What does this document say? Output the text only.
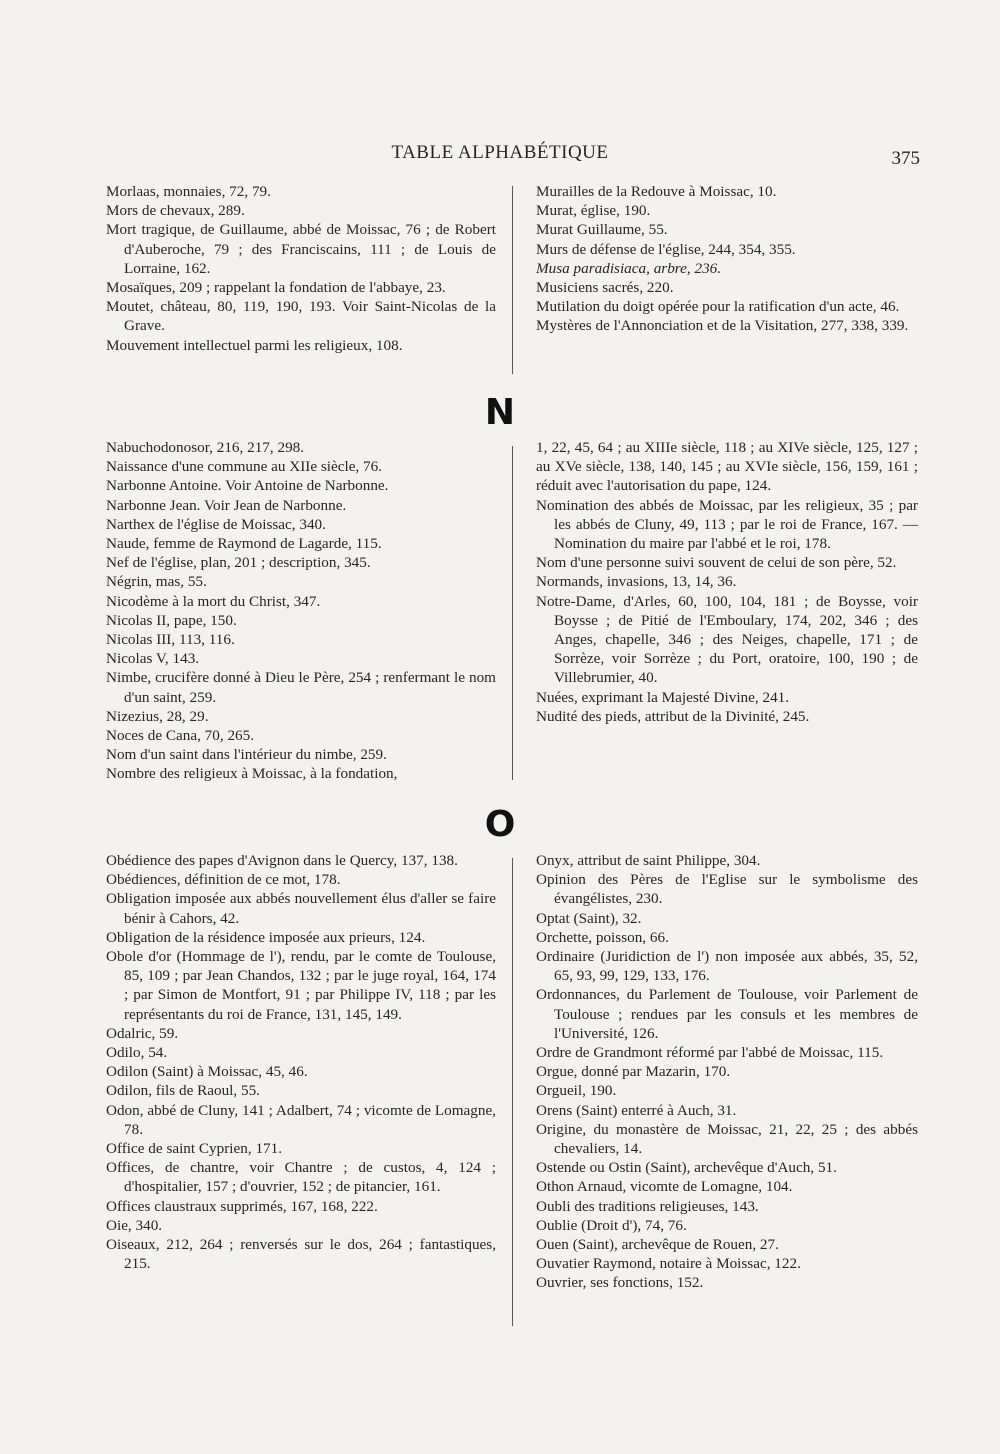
TABLE ALPHABÉTIQUE	375
Morlaas, monnaies, 72, 79.
Mors de chevaux, 289.
Mort tragique, de Guillaume, abbé de Moissac, 76 ; de Robert d'Auberoche, 79 ; des Franciscains, 111 ; de Louis de Lorraine, 162.
Mosaïques, 209 ; rappelant la fondation de l'abbaye, 23.
Moutet, château, 80, 119, 190, 193. Voir Saint-Nicolas de la Grave.
Mouvement intellectuel parmi les religieux, 108.
Murailles de la Redouve à Moissac, 10.
Murat, église, 190.
Murat Guillaume, 55.
Murs de défense de l'église, 244, 354, 355.
Musa paradisiaca, arbre, 236.
Musiciens sacrés, 220.
Mutilation du doigt opérée pour la ratification d'un acte, 46.
Mystères de l'Annonciation et de la Visitation, 277, 338, 339.
N
Nabuchodonosor, 216, 217, 298.
Naissance d'une commune au XIIe siècle, 76.
Narbonne Antoine. Voir Antoine de Narbonne.
Narbonne Jean. Voir Jean de Narbonne.
Narthex de l'église de Moissac, 340.
Naude, femme de Raymond de Lagarde, 115.
Nef de l'église, plan, 201 ; description, 345.
Négrin, mas, 55.
Nicodème à la mort du Christ, 347.
Nicolas II, pape, 150.
Nicolas III, 113, 116.
Nicolas V, 143.
Nimbe, crucifère donné à Dieu le Père, 254 ; renfermant le nom d'un saint, 259.
Nizezius, 28, 29.
Noces de Cana, 70, 265.
Nom d'un saint dans l'intérieur du nimbe, 259.
Nombre des religieux à Moissac, à la fondation,
1, 22, 45, 64 ; au XIIIe siècle, 118 ; au XIVe siècle, 125, 127 ; au XVe siècle, 138, 140, 145 ; au XVIe siècle, 156, 159, 161 ; réduit avec l'autorisation du pape, 124.
Nomination des abbés de Moissac, par les religieux, 35 ; par les abbés de Cluny, 49, 113 ; par le roi de France, 167. — Nomination du maire par l'abbé et le roi, 178.
Nom d'une personne suivi souvent de celui de son père, 52.
Normands, invasions, 13, 14, 36.
Notre-Dame, d'Arles, 60, 100, 104, 181 ; de Boysse, voir Boysse ; de Pitié de l'Emboulary, 174, 202, 346 ; des Anges, chapelle, 346 ; des Neiges, chapelle, 171 ; de Sorrèze, voir Sorrèze ; du Port, oratoire, 100, 190 ; de Villebrumier, 40.
Nuées, exprimant la Majesté Divine, 241.
Nudité des pieds, attribut de la Divinité, 245.
O
Obédience des papes d'Avignon dans le Quercy, 137, 138.
Obédiences, définition de ce mot, 178.
Obligation imposée aux abbés nouvellement élus d'aller se faire bénir à Cahors, 42.
Obligation de la résidence imposée aux prieurs, 124.
Obole d'or (Hommage de l'), rendu, par le comte de Toulouse, 85, 109 ; par Jean Chandos, 132 ; par le juge royal, 164, 174 ; par Simon de Montfort, 91 ; par Philippe IV, 118 ; par les représentants du roi de France, 131, 145, 149.
Odalric, 59.
Odilo, 54.
Odilon (Saint) à Moissac, 45, 46.
Odilon, fils de Raoul, 55.
Odon, abbé de Cluny, 141 ; Adalbert, 74 ; vicomte de Lomagne, 78.
Office de saint Cyprien, 171.
Offices, de chantre, voir Chantre ; de custos, 4, 124 ; d'hospitalier, 157 ; d'ouvrier, 152 ; de pitancier, 161.
Offices claustraux supprimés, 167, 168, 222.
Oie, 340.
Oiseaux, 212, 264 ; renversés sur le dos, 264 ; fantastiques, 215.
Onyx, attribut de saint Philippe, 304.
Opinion des Pères de l'Eglise sur le symbolisme des évangélistes, 230.
Optat (Saint), 32.
Orchette, poisson, 66.
Ordinaire (Juridiction de l') non imposée aux abbés, 35, 52, 65, 93, 99, 129, 133, 176.
Ordonnances, du Parlement de Toulouse, voir Parlement de Toulouse ; rendues par les consuls et les membres de l'Université, 126.
Ordre de Grandmont réformé par l'abbé de Moissac, 115.
Orgue, donné par Mazarin, 170.
Orgueil, 190.
Orens (Saint) enterré à Auch, 31.
Origine, du monastère de Moissac, 21, 22, 25 ; des abbés chevaliers, 14.
Ostende ou Ostin (Saint), archevêque d'Auch, 51.
Othon Arnaud, vicomte de Lomagne, 104.
Oubli des traditions religieuses, 143.
Oublie (Droit d'), 74, 76.
Ouen (Saint), archevêque de Rouen, 27.
Ouvatier Raymond, notaire à Moissac, 122.
Ouvrier, ses fonctions, 152.
